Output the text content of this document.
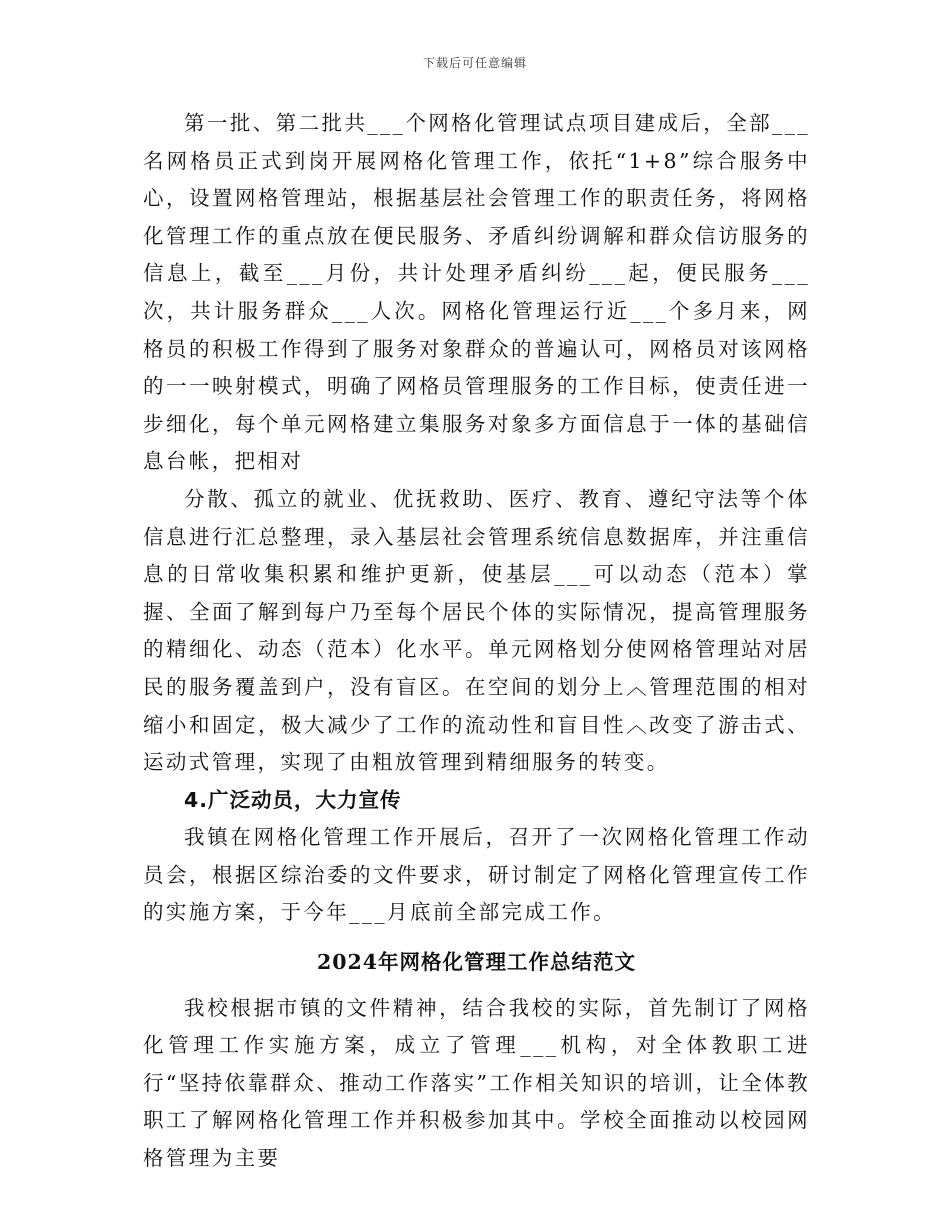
下载后可任意编辑

第一批、第二批共___个网格化管理试点项目建成后，全部___名网格员正式到岗开展网格化管理工作，依托“1+8”综合服务中心，设置网格管理站，根据基层社会管理工作的职责任务，将网格化管理工作的重点放在便民服务、矛盾纠纷调解和群众信访服务的信息上，截至___月份，共计处理矛盾纠纷___起，便民服务___次，共计服务群众___人次。网格化管理运行近___个多月来，网格员的积极工作得到了服务对象群众的普遍认可，网格员对该网格的一一映射模式，明确了网格员管理服务的工作目标，使责任进一步细化，每个单元网格建立集服务对象多方面信息于一体的基础信息台帐，把相对

分散、孤立的就业、优抚救助、医疗、教育、遵纪守法等个体信息进行汇总整理，录入基层社会管理系统信息数据库，并注重信息的日常收集积累和维护更新，使基层___可以动态（范本）掌握、全面了解到每户乃至每个居民个体的实际情况，提高管理服务的精细化、动态（范本）化水平。单元网格划分使网格管理站对居民的服务覆盖到户，没有盲区。在空间的划分上︿管理范围的相对缩小和固定，极大减少了工作的流动性和盲目性︿改变了游击式、运动式管理，实现了由粗放管理到精细服务的转变。

4.广泛动员，大力宣传

我镇在网格化管理工作开展后，召开了一次网格化管理工作动员会，根据区综治委的文件要求，研讨制定了网格化管理宣传工作的实施方案，于今年___月底前全部完成工作。

2024年网格化管理工作总结范文

我校根据市镇的文件精神，结合我校的实际，首先制订了网格化管理工作实施方案，成立了管理___机构，对全体教职工进行“坚持依靠群众、推动工作落实”工作相关知识的培训，让全体教职工了解网格化管理工作并积极参加其中。学校全面推动以校园网格管理为主要
